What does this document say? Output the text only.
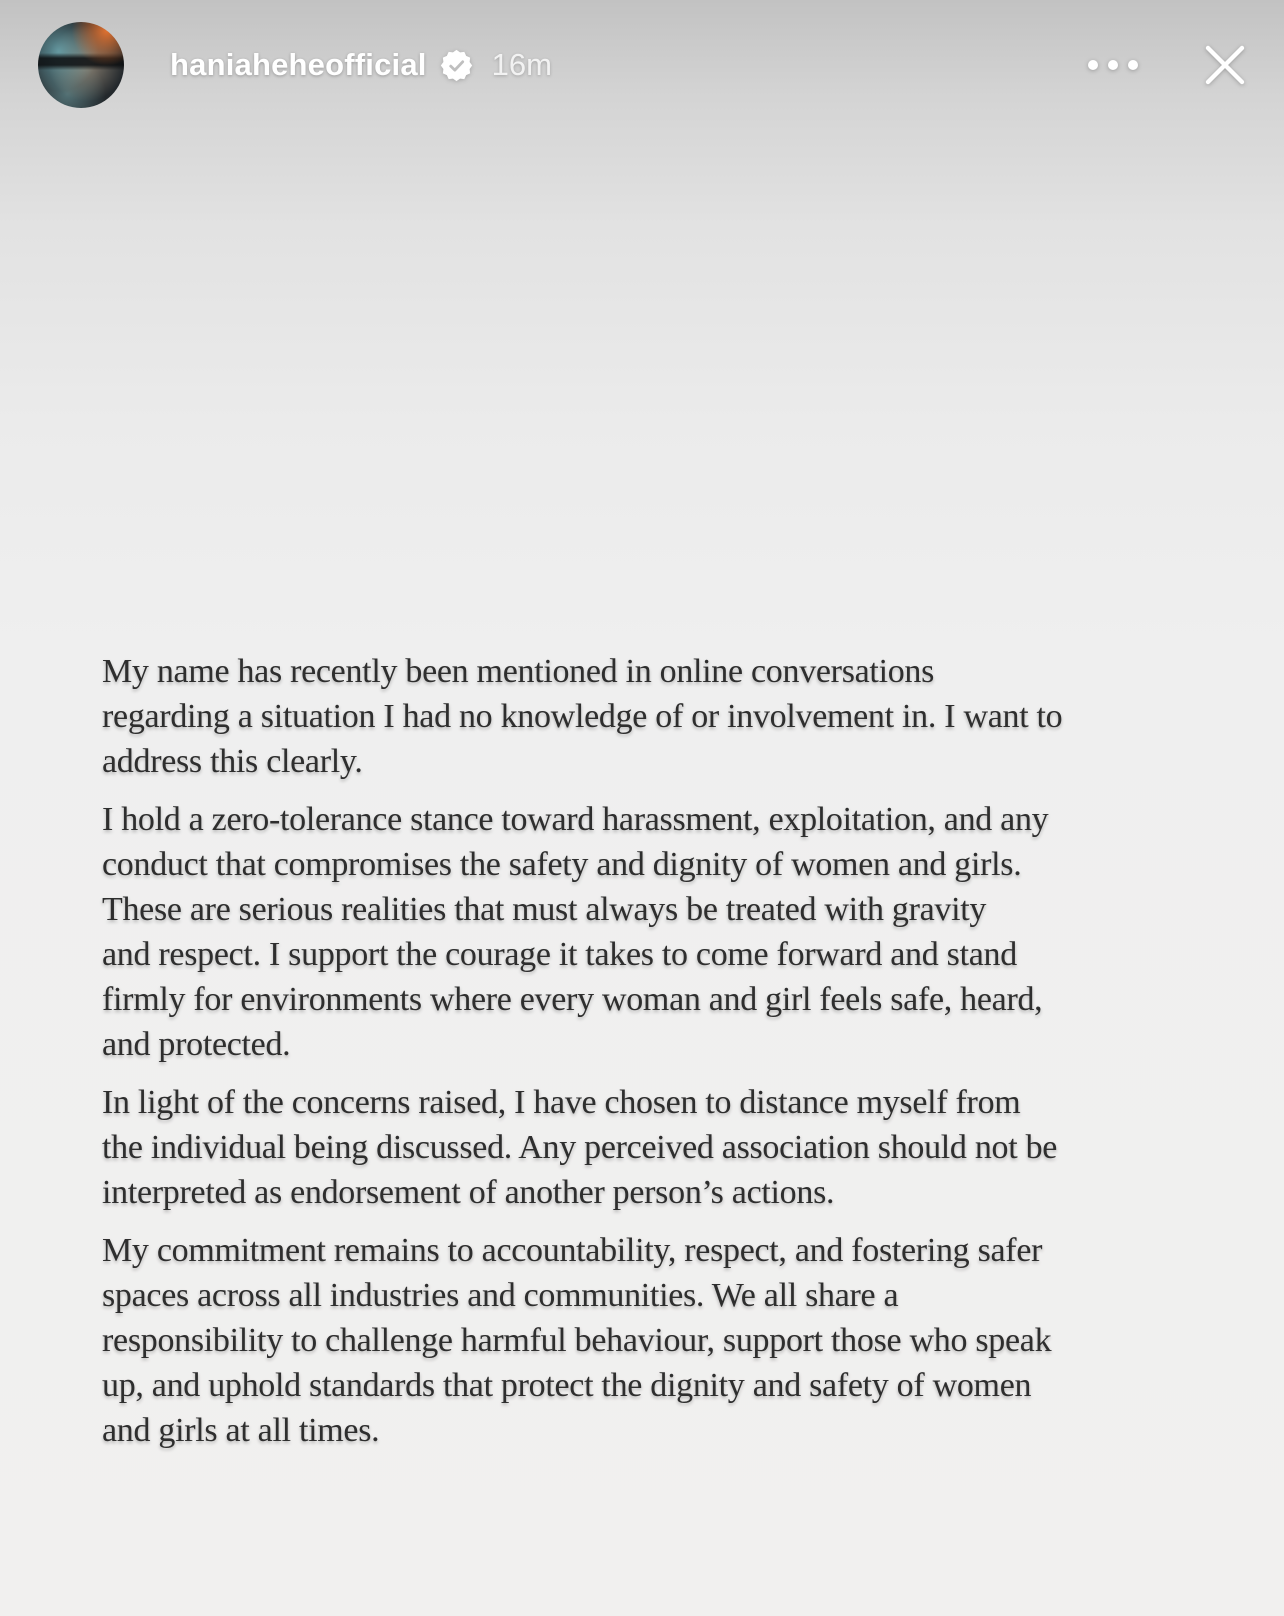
haniaheheofficial 16m
My name has recently been mentioned in online conversations
regarding a situation I had no knowledge of or involvement in. I want to
address this clearly.
I hold a zero-tolerance stance toward harassment, exploitation, and any
conduct that compromises the safety and dignity of women and girls.
These are serious realities that must always be treated with gravity
and respect. I support the courage it takes to come forward and stand
firmly for environments where every woman and girl feels safe, heard,
and protected.
In light of the concerns raised, I have chosen to distance myself from
the individual being discussed. Any perceived association should not be
interpreted as endorsement of another person’s actions.
My commitment remains to accountability, respect, and fostering safer
spaces across all industries and communities. We all share a
responsibility to challenge harmful behaviour, support those who speak
up, and uphold standards that protect the dignity and safety of women
and girls at all times.
